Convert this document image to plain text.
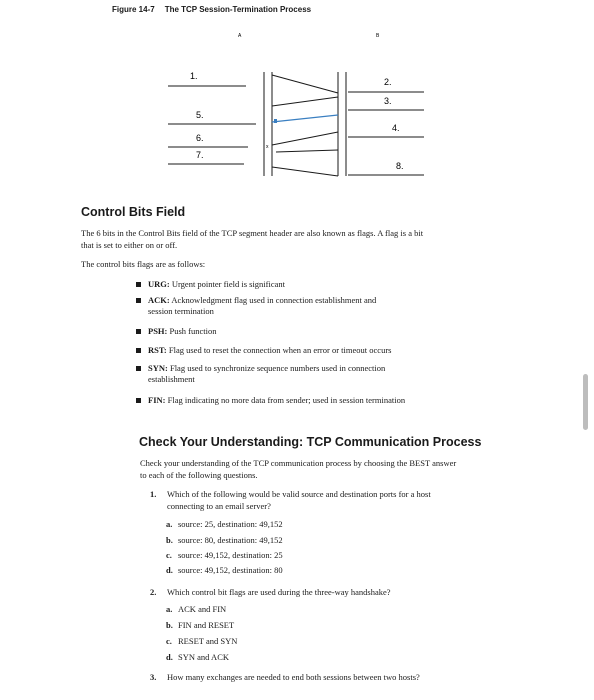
Figure 14-7 The TCP Session-Termination Process
A	B
x
1.
5.
6.
7.
2.
3.
4.
8.
Control Bits Field
The 6 bits in the Control Bits field of the TCP segment header are also known as flags. A flag is a bit
that is set to either on or off.
The control bits flags are as follows:
URG: Urgent pointer field is significant
ACK: Acknowledgment flag used in connection establishment and
session termination
PSH: Push function
RST: Flag used to reset the connection when an error or timeout occurs
SYN: Flag used to synchronize sequence numbers used in connection
establishment
FIN: Flag indicating no more data from sender; used in session termination
Check Your Understanding: TCP Communication Process
Check your understanding of the TCP communication process by choosing the BEST answer
to each of the following questions.
1. Which of the following would be valid source and destination ports for a host
connecting to an email server?
a. source: 25, destination: 49,152
b. source: 80, destination: 49,152
c. source: 49,152, destination: 25
d. source: 49,152, destination: 80
2. Which control bit flags are used during the three-way handshake?
a. ACK and FIN
b. FIN and RESET
c. RESET and SYN
d. SYN and ACK
3. How many exchanges are needed to end both sessions between two hosts?
